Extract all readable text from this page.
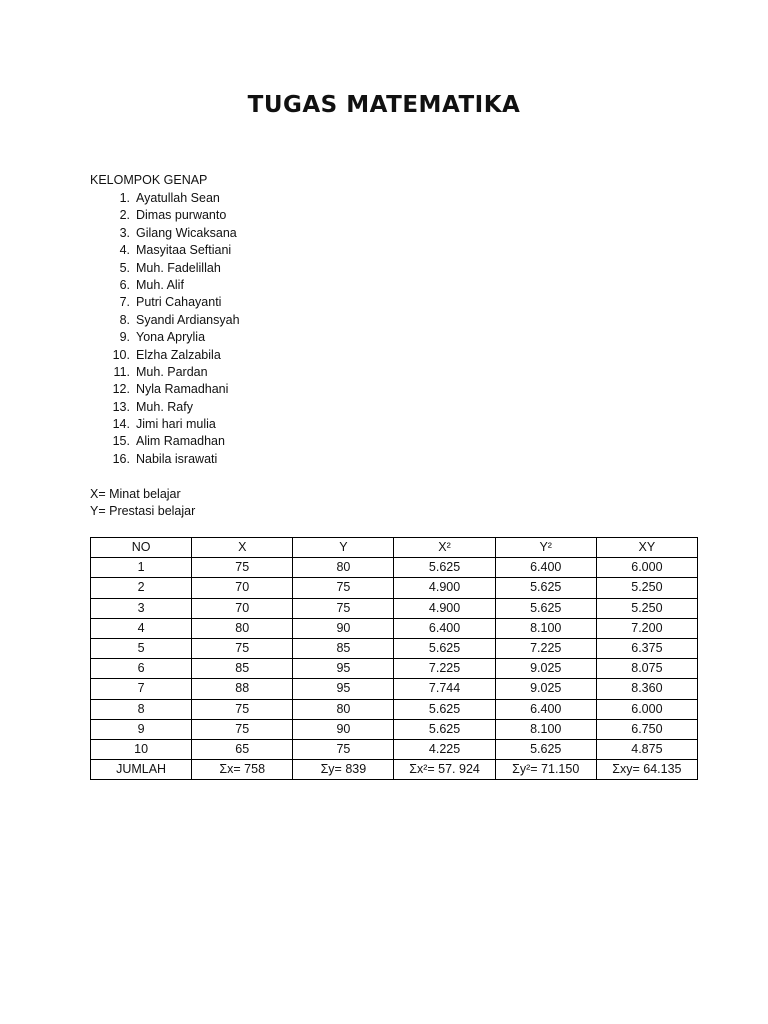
TUGAS MATEMATIKA
KELOMPOK GENAP
1. Ayatullah Sean
2. Dimas purwanto
3. Gilang Wicaksana
4. Masyitaa Seftiani
5. Muh. Fadelillah
6. Muh. Alif
7. Putri Cahayanti
8. Syandi Ardiansyah
9. Yona Aprylia
10. Elzha Zalzabila
11. Muh. Pardan
12. Nyla Ramadhani
13. Muh. Rafy
14. Jimi hari mulia
15. Alim Ramadhan
16. Nabila israwati
X= Minat belajar
Y= Prestasi belajar
NO	X	Y	X²	Y²	XY
1	75	80	5.625	6.400	6.000
2	70	75	4.900	5.625	5.250
3	70	75	4.900	5.625	5.250
4	80	90	6.400	8.100	7.200
5	75	85	5.625	7.225	6.375
6	85	95	7.225	9.025	8.075
7	88	95	7.744	9.025	8.360
8	75	80	5.625	6.400	6.000
9	75	90	5.625	8.100	6.750
10	65	75	4.225	5.625	4.875
JUMLAH	Σx= 758	Σy= 839	Σx²= 57. 924	Σy²= 71.150	Σxy= 64.135
